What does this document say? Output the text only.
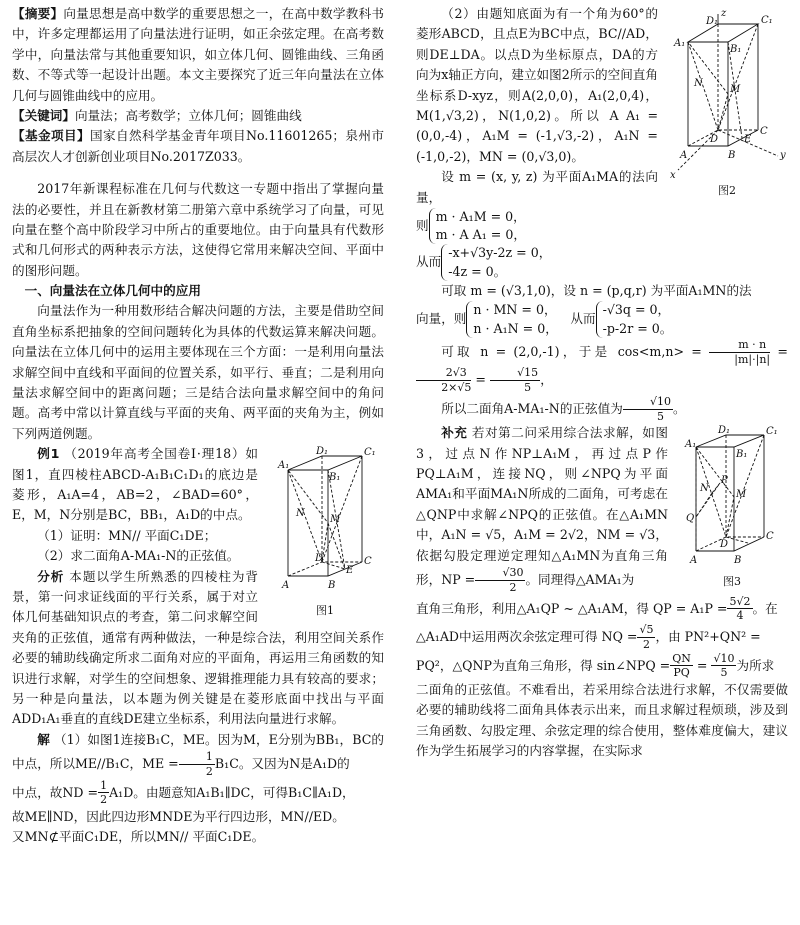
【摘要】向量思想是高中数学的重要思想之一，在高中数学教科书中，许多定理都运用了向量法进行证明，如正余弦定理。在高考数学中，向量法常与其他重要知识，如立体几何、圆锥曲线、三角函数、不等式等一起设计出题。本文主要探究了近三年向量法在立体几何与圆锥曲线中的应用。

【关键词】向量法；高考数学；立体几何；圆锥曲线

【基金项目】国家自然科学基金青年项目No.11601265；泉州市高层次人才创新创业项目No.2017Z033。

2017年新课程标准在几何与代数这一专题中指出了掌握向量法的必要性，并且在新教材第二册第六章中系统学习了向量，可见向量在整个高中阶段学习中所占的重要地位。由于向量具有代数形式和几何形式的两种表示方法，这使得它常用来解决空间、平面中的图形问题。

一、向量法在立体几何中的应用

向量法作为一种用数形结合解决问题的方法，主要是借助空间直角坐标系把抽象的空间问题转化为具体的代数运算来解决问题。向量法在立体几何中的运用主要体现在三个方面：一是利用向量法求解空间中直线和平面间的位置关系，如平行、垂直；二是利用向量法求解空间中的距离问题；三是结合法向量求解空间中的角问题。高考中常以计算直线与平面的夹角、两平面的夹角为主，例如下列两道例题。

A₁
D₁	C₁
B₁
M
N
D
E
C
A	B
图1

例1 （2019年高考全国卷Ⅰ·理18）如图1，直四棱柱ABCD-A₁B₁C₁D₁的底边是菱形，A₁A=4，AB=2，∠BAD=60°，E，M，N分别是BC，BB₁，A₁D的中点。

（1）证明：MN// 平面C₁DE；

（2）求二面角A-MA₁-N的正弦值。

分析 本题以学生所熟悉的四棱柱为背景，第一问求证线面的平行关系，属于对立体几何基础知识点的考查，第二问求解空间夹角的正弦值，通常有两种做法，一种是综合法，利用空间关系作必要的辅助线确定所求二面角对应的平面角，再运用三角函数的知识进行求解，对学生的空间想象、逻辑推理能力具有较高的要求；另一种是向量法，以本题为例关键是在菱形底面中找出与平面ADD₁A₁垂直的直线DE建立坐标系，利用法向量进行求解。

解 （1）如图1连接B₁C，ME。因为M，E分别为BB₁，BC的中点，所以ME//B₁C，ME = $\frac{1}{2} B_1C$。又因为N是A₁D的

中点，故ND = $\frac{1}{2} A_1D$。由题意知A₁B₁∥DC，可得B₁C∥A₁D，

故ME∥ND，因此四边形MNDE为平行四边形，MN//ED。

又MN⊄平面C₁DE，所以MN// 平面C₁DE。

z
D₁	C₁
A₁
B₁
M
N
D
C
E
y
A	B
x
图2

（2）由题知底面为有一个角为60°的菱形ABCD，且点E为BC中点，BC//AD，则DE⊥DA。以点D为坐标原点，DA的方向为x轴正方向，建立如图2所示的空间直角坐标系D-xyz，则A(2,0,0)，A₁(2,0,4)，M(1,√3,2)，N(1,0,2)。所以 A A₁ = (0,0,-4)，A₁M = (-1,√3,-2)，A₁N = (-1,0,-2)，MN = (0,√3,0)。

设 m = (x, y, z) 为平面A₁MA的法向量，

则m · A₁M = 0，
m · A A₁ = 0，

从而-x+√3y-2z = 0，
-4z = 0。

可取 m = (√3,1,0)，设 n = (p,q,r) 为平面A₁MN的法

向量，则n · MN = 0，
n · A₁N = 0，　从而-√3q = 0，
-p-2r = 0。

可取 n = (2,0,-1)，于是 $\cos<m,n> = \frac{m \cdot n}{|m|\cdot|n|}$ =
$\frac{2√3}{2\times√5} = \frac{√15}{5}$ ，

所以二面角A-MA₁-N的正弦值为 $\frac{√10}{5}$ 。

D₁	C₁
A₁
B₁
M
N
P
Q
D
C
A	B
图3

补充 若对第二问采用综合法求解，如图3，过点N作NP⊥A₁M，再过点P作PQ⊥A₁M，连接NQ，则∠NPQ为平面AMA₁和平面MA₁N所成的二面角，可考虑在△QNP中求解∠NPQ的正弦值。在△A₁MN中，A₁N = √5，A₁M = 2√2，NM = √3，依据勾股定理逆定理知△A₁MN为直角三角形，NP = $\frac{√30}{2}$ 。同理得△AMA₁为

直角三角形，利用△A₁QP ~ △A₁AM，得 QP = $A_1P = \frac{5√2}{4}$ 。在

△A₁AD中运用两次余弦定理可得 NQ = $\frac{√5}{2}$ ，由 PN²+QN² =

PQ²，△QNP为直角三角形，得 sin∠NPQ = $\frac{QN}{PQ} = \frac{√10}{5}$ 为所求

二面角的正弦值。不难看出，若采用综合法进行求解，不仅需要做必要的辅助线将二面角具体表示出来，而且求解过程烦琐，涉及到三角函数、勾股定理、余弦定理的综合使用，整体难度偏大，建议作为学生拓展学习的内容掌握，在实际求
